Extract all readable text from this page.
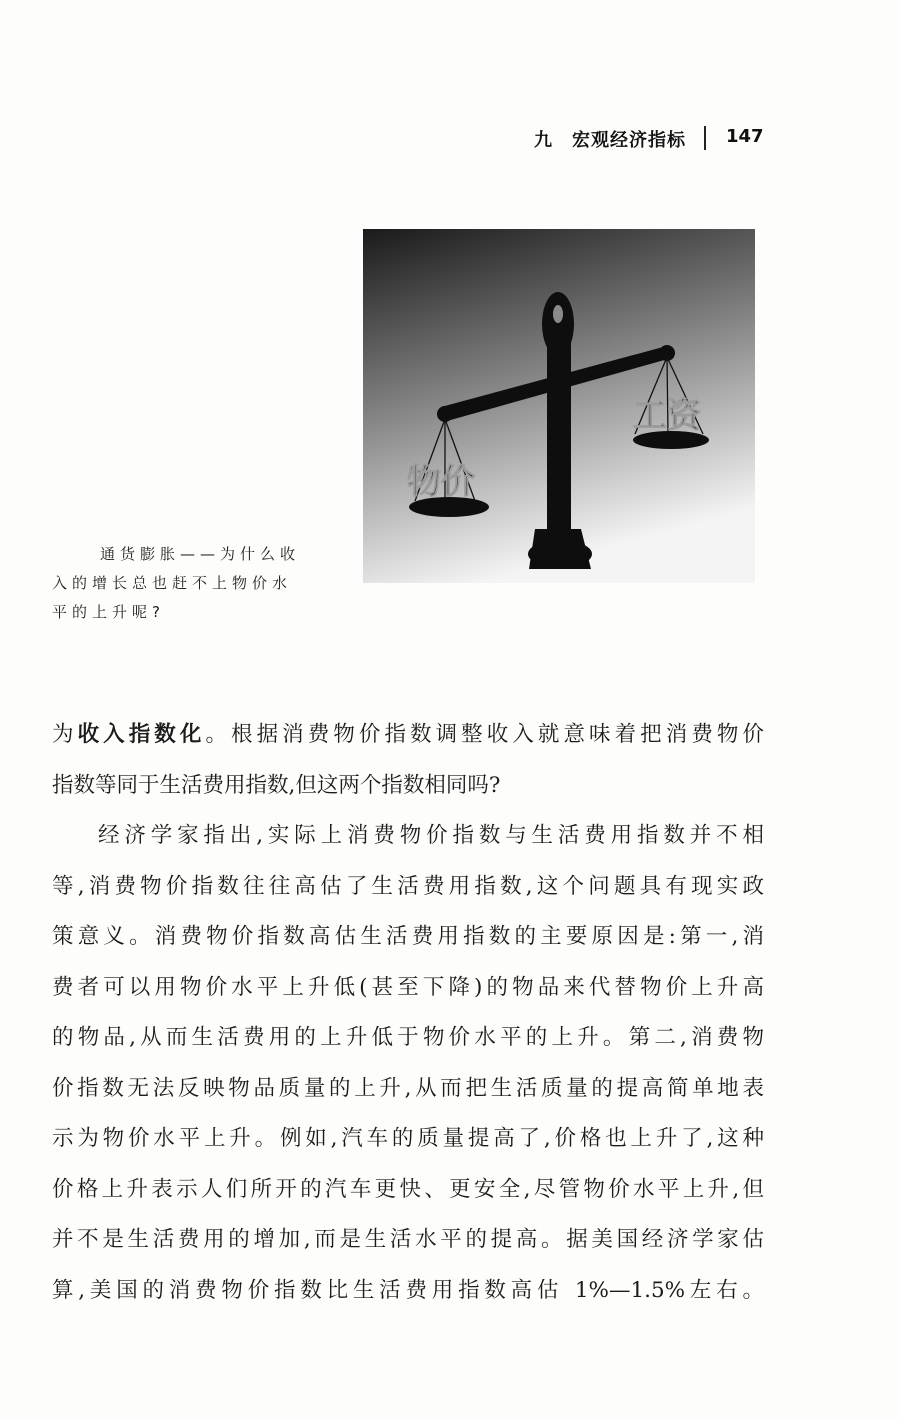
九 宏观经济指标 147
物价
工资
通货膨胀——为什么收
入的增长总也赶不上物价水
平的上升呢?
为收入指数化。根据消费物价指数调整收入就意味着把消费物价
指数等同于生活费用指数,但这两个指数相同吗?
经济学家指出,实际上消费物价指数与生活费用指数并不相
等,消费物价指数往往高估了生活费用指数,这个问题具有现实政
策意义。消费物价指数高估生活费用指数的主要原因是:第一,消
费者可以用物价水平上升低(甚至下降)的物品来代替物价上升高
的物品,从而生活费用的上升低于物价水平的上升。第二,消费物
价指数无法反映物品质量的上升,从而把生活质量的提高简单地表
示为物价水平上升。例如,汽车的质量提高了,价格也上升了,这种
价格上升表示人们所开的汽车更快、更安全,尽管物价水平上升,但
并不是生活费用的增加,而是生活水平的提高。据美国经济学家估
算,美国的消费物价指数比生活费用指数高估 1%—1.5%左右。
